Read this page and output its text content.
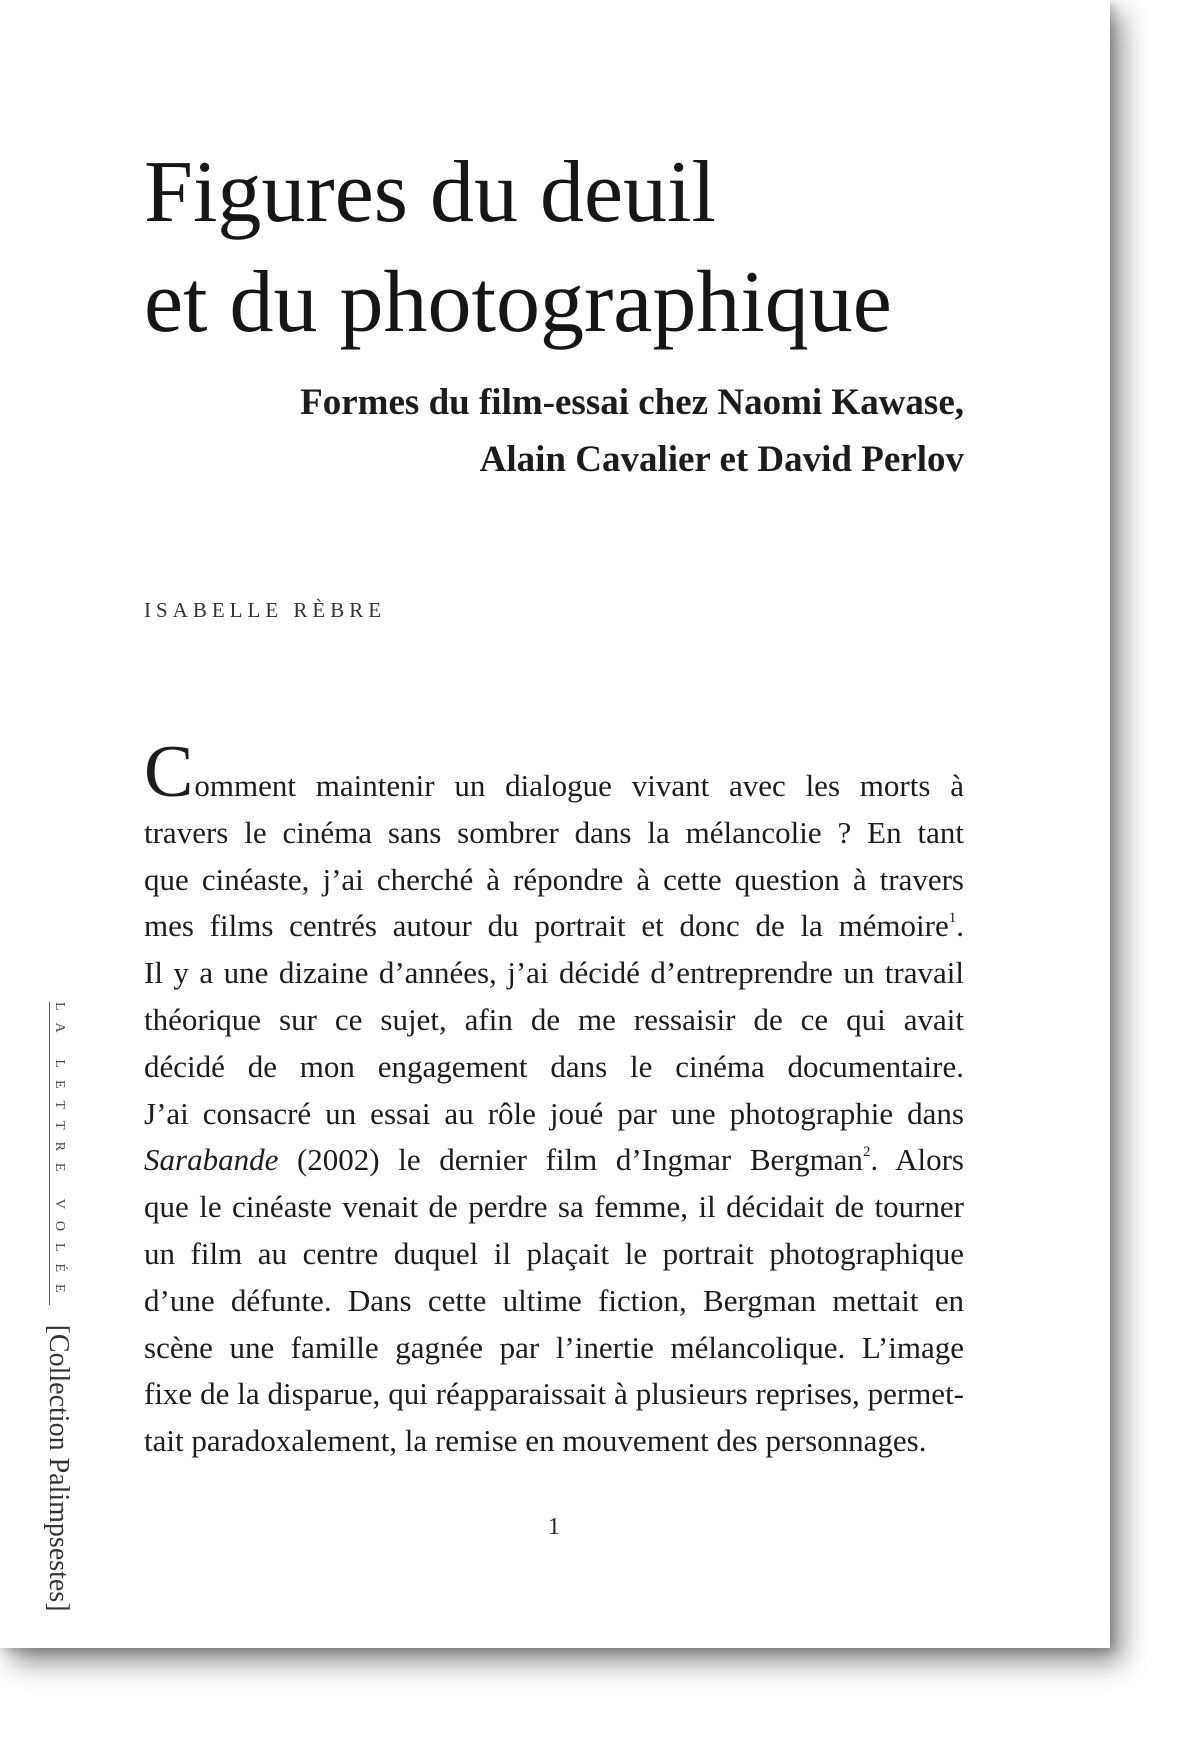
Figures du deuil
et du photographique
Formes du film-essai chez Naomi Kawase,
Alain Cavalier et David Perlov
ISABELLE RÈBRE
Comment maintenir un dialogue vivant avec les morts à
travers le cinéma sans sombrer dans la mélancolie ? En tant
que cinéaste, j’ai cherché à répondre à cette question à travers
mes films centrés autour du portrait et donc de la mémoire$^1$.
Il y a une dizaine d’années, j’ai décidé d’entreprendre un travail
théorique sur ce sujet, afin de me ressaisir de ce qui avait
décidé de mon engagement dans le cinéma documentaire.
J’ai consacré un essai au rôle joué par une photographie dans
Sarabande (2002) le dernier film d’Ingmar Bergman$^2$. Alors
que le cinéaste venait de perdre sa femme, il décidait de tourner
un film au centre duquel il plaçait le portrait photographique
d’une défunte. Dans cette ultime fiction, Bergman mettait en
scène une famille gagnée par l’inertie mélancolique. L’image
fixe de la disparue, qui réapparaissait à plusieurs reprises, permet-
tait paradoxalement, la remise en mouvement des personnages.
1
LA LETTRE VOLÉE [Collection Palimpsestes]
